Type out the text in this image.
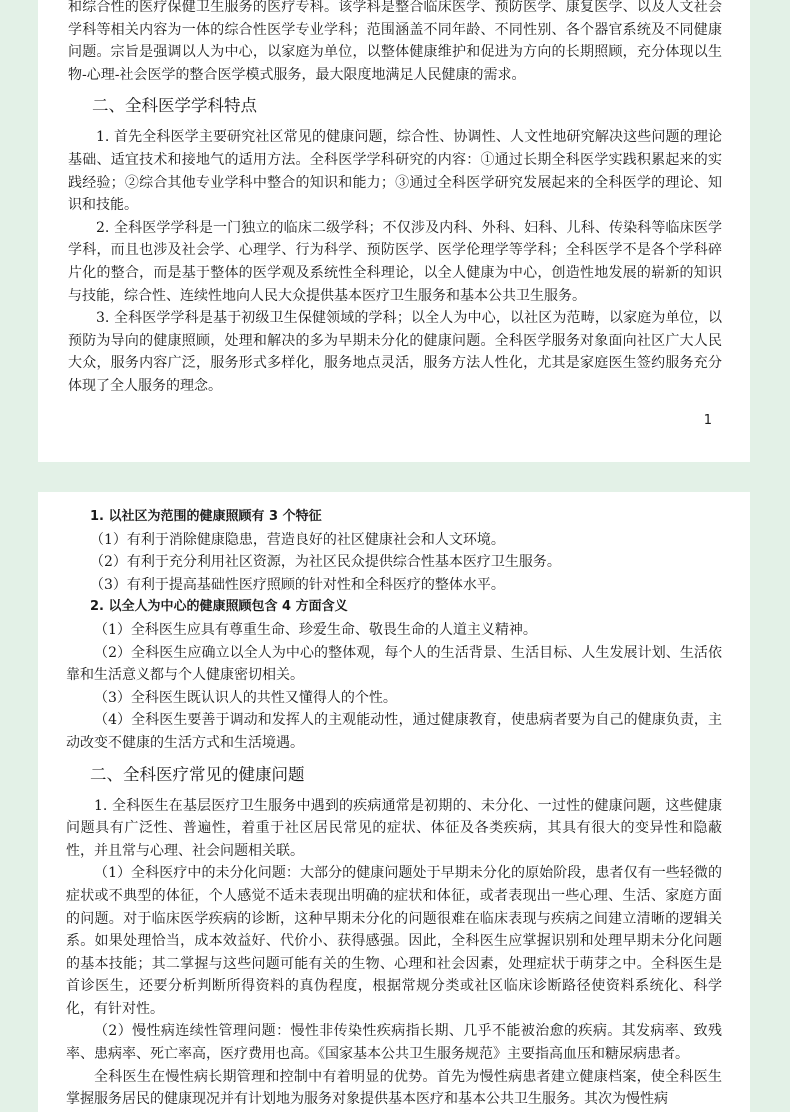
和综合性的医疗保健卫生服务的医疗专科。该学科是整合临床医学、预防医学、康复医学、以及人文社会学科等相关内容为一体的综合性医学专业学科；范围涵盖不同年龄、不同性别、各个器官系统及不同健康问题。宗旨是强调以人为中心，以家庭为单位，以整体健康维护和促进为方向的长期照顾，充分体现以生物-心理-社会医学的整合医学模式服务，最大限度地满足人民健康的需求。

二、全科医学学科特点

1. 首先全科医学主要研究社区常见的健康问题，综合性、协调性、人文性地研究解决这些问题的理论基础、适宜技术和接地气的适用方法。全科医学学科研究的内容：①通过长期全科医学实践积累起来的实践经验；②综合其他专业学科中整合的知识和能力；③通过全科医学研究发展起来的全科医学的理论、知识和技能。

2. 全科医学学科是一门独立的临床二级学科；不仅涉及内科、外科、妇科、儿科、传染科等临床医学学科，而且也涉及社会学、心理学、行为科学、预防医学、医学伦理学等学科；全科医学不是各个学科碎片化的整合，而是基于整体的医学观及系统性全科理论，以全人健康为中心，创造性地发展的崭新的知识与技能，综合性、连续性地向人民大众提供基本医疗卫生服务和基本公共卫生服务。

3. 全科医学学科是基于初级卫生保健领域的学科；以全人为中心，以社区为范畴，以家庭为单位，以预防为导向的健康照顾，处理和解决的多为早期未分化的健康问题。全科医学服务对象面向社区广大人民大众，服务内容广泛，服务形式多样化，服务地点灵活，服务方法人性化，尤其是家庭医生签约服务充分体现了全人服务的理念。

1

1. 以社区为范围的健康照顾有 3 个特征

（1）有利于消除健康隐患，营造良好的社区健康社会和人文环境。

（2）有利于充分利用社区资源，为社区民众提供综合性基本医疗卫生服务。

（3）有利于提高基础性医疗照顾的针对性和全科医疗的整体水平。

2. 以全人为中心的健康照顾包含 4 方面含义

（1）全科医生应具有尊重生命、珍爱生命、敬畏生命的人道主义精神。

（2）全科医生应确立以全人为中心的整体观，每个人的生活背景、生活目标、人生发展计划、生活依靠和生活意义都与个人健康密切相关。

（3）全科医生既认识人的共性又懂得人的个性。

（4）全科医生要善于调动和发挥人的主观能动性，通过健康教育，使患病者要为自己的健康负责，主动改变不健康的生活方式和生活境遇。

二、全科医疗常见的健康问题

1. 全科医生在基层医疗卫生服务中遇到的疾病通常是初期的、未分化、一过性的健康问题，这些健康问题具有广泛性、普遍性，着重于社区居民常见的症状、体征及各类疾病，其具有很大的变异性和隐蔽性，并且常与心理、社会问题相关联。

（1）全科医疗中的未分化问题：大部分的健康问题处于早期未分化的原始阶段，患者仅有一些轻微的症状或不典型的体征，个人感觉不适未表现出明确的症状和体征，或者表现出一些心理、生活、家庭方面的问题。对于临床医学疾病的诊断，这种早期未分化的问题很难在临床表现与疾病之间建立清晰的逻辑关系。如果处理恰当，成本效益好、代价小、获得感强。因此，全科医生应掌握识别和处理早期未分化问题的基本技能；其二掌握与这些问题可能有关的生物、心理和社会因素，处理症状于萌芽之中。全科医生是首诊医生，还要分析判断所得资料的真伪程度，根据常规分类或社区临床诊断路径使资料系统化、科学化，有针对性。

（2）慢性病连续性管理问题：慢性非传染性疾病指长期、几乎不能被治愈的疾病。其发病率、致残率、患病率、死亡率高，医疗费用也高。《国家基本公共卫生服务规范》主要指高血压和糖尿病患者。

全科医生在慢性病长期管理和控制中有着明显的优势。首先为慢性病患者建立健康档案，使全科医生掌握服务居民的健康现况并有计划地为服务对象提供基本医疗和基本公共卫生服务。其次为慢性病
